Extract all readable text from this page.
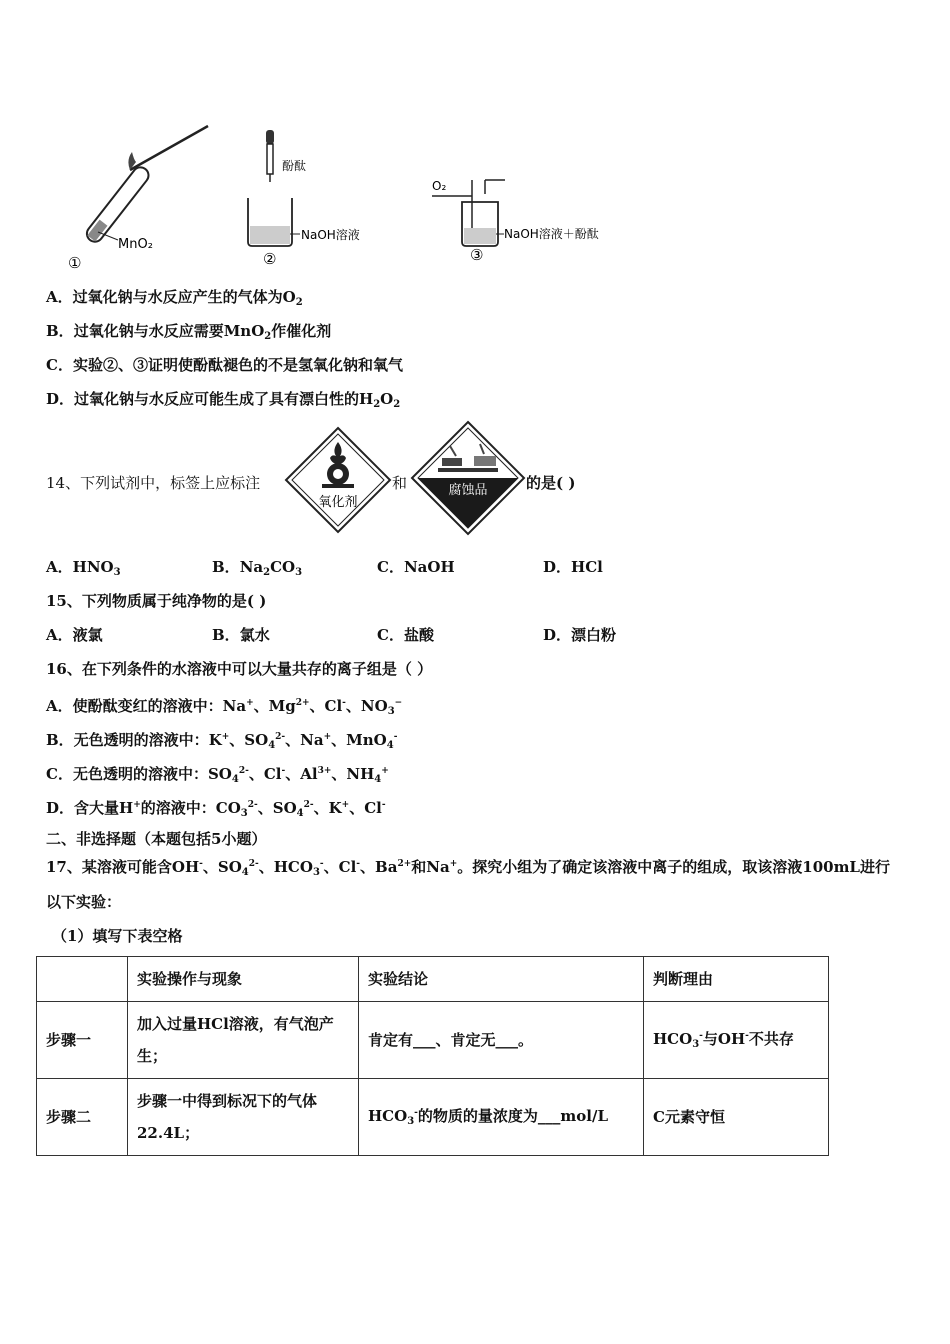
MnO₂
①
酚酞
NaOH溶液
②
O₂
NaOH溶液＋酚酞
③
A．过氧化钠与水反应产生的气体为$O_2$
B．过氧化钠与水反应需要MnO$_2$作催化剂
C．实验②、③证明使酚酞褪色的不是氢氧化钠和氧气
D．过氧化钠与水反应可能生成了具有漂白性的$H_2O_2$
14、下列试剂中，标签上应标注
氧化剂
和	腐蚀品	的是( )
A．$HNO_3$	B．$Na_2CO_3$	C．NaOH	D．HCl
15、下列物质属于纯净物的是( )
A．液氯	B．氯水	C．盐酸	D．漂白粉
16、在下列条件的水溶液中可以大量共存的离子组是（ ）
A．使酚酞变红的溶液中：Na+、$Mg^{2+}$、Cl-、$NO_3^-$
B．无色透明的溶液中：K+、$SO_4^{2-}$、Na+、MnO$_4$-
C．无色透明的溶液中：$SO_4^{2-}$、Cl-、$Al^{3+}$、$NH_4^+$
D．含大量H+的溶液中：$CO_3^{2-}$、$SO_4^{2-}$、K+、Cl-
二、非选择题（本题包括5小题）
17、某溶液可能含OH-、$SO_4^{2-}$、$HCO_3^-$、Cl-、$Ba^{2+}$和Na+。探究小组为了确定该溶液中离子的组成，取该溶液100mL进行
以下实验：
（1）填写下表空格
	实验操作与现象	实验结论	判断理由
步骤一	加入过量HCl溶液，有气泡产生；	肯定有___、肯定无___。	$HCO_3^-$与OH-不共存
步骤二	步骤一中得到标况下的气体22.4L；	$HCO_3^-$的物质的量浓度为___mol/L	C元素守恒
